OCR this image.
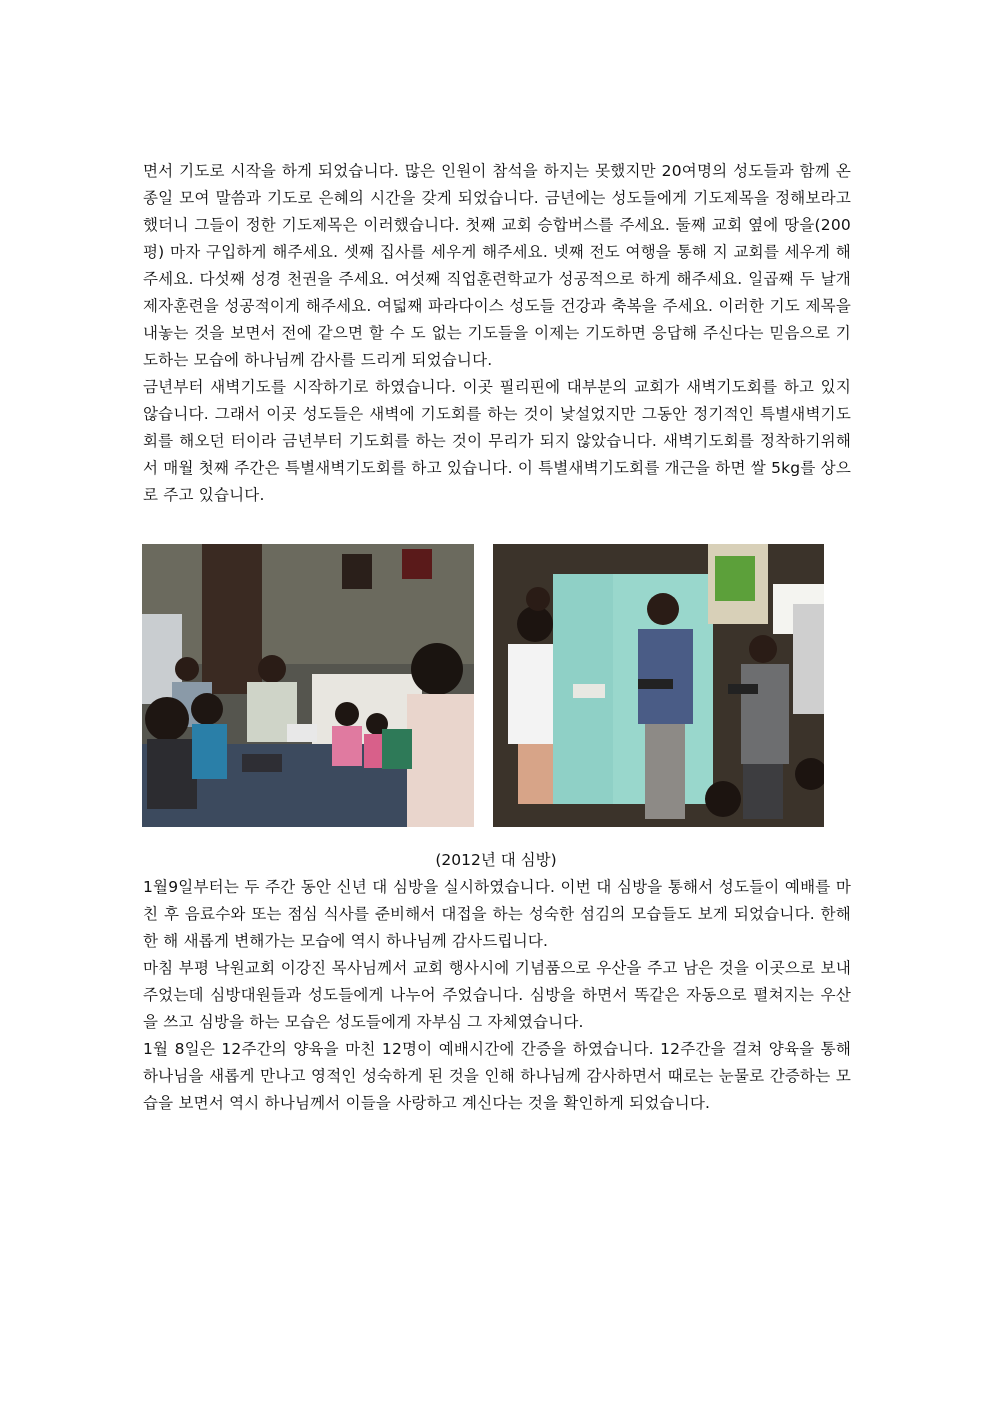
면서 기도로 시작을 하게 되었습니다. 많은 인원이 참석을 하지는 못했지만 20여명의 성도들과 함께 온 종일 모여 말씀과 기도로 은혜의 시간을 갖게 되었습니다. 금년에는 성도들에게 기도제목을 정해보라고 했더니 그들이 정한 기도제목은 이러했습니다. 첫째 교회 승합버스를 주세요. 둘째 교회 옆에 땅을(200평) 마자 구입하게 해주세요. 셋째 집사를 세우게 해주세요. 넷째 전도 여행을 통해 지 교회를 세우게 해주세요. 다섯째 성경 천권을 주세요. 여섯째 직업훈련학교가 성공적으로 하게 해주세요. 일곱째 두 날개 제자훈련을 성공적이게 해주세요. 여덟째 파라다이스 성도들 건강과 축복을 주세요. 이러한 기도 제목을 내놓는 것을 보면서 전에 같으면 할 수 도 없는 기도들을 이제는 기도하면 응답해 주신다는 믿음으로 기도하는 모습에 하나님께 감사를 드리게 되었습니다.

금년부터 새벽기도를 시작하기로 하였습니다. 이곳 필리핀에 대부분의 교회가 새벽기도회를 하고 있지 않습니다. 그래서 이곳 성도들은 새벽에 기도회를 하는 것이 낯설었지만 그동안 정기적인 특별새벽기도회를 해오던 터이라 금년부터 기도회를 하는 것이 무리가 되지 않았습니다. 새벽기도회를 정착하기위해서 매월 첫째 주간은 특별새벽기도회를 하고 있습니다. 이 특별새벽기도회를 개근을 하면 쌀 5kg를 상으로 주고 있습니다.

(2012년 대 심방)

1월9일부터는 두 주간 동안 신년 대 심방을 실시하였습니다. 이번 대 심방을 통해서 성도들이 예배를 마친 후 음료수와 또는 점심 식사를 준비해서 대접을 하는 성숙한 섬김의 모습들도 보게 되었습니다. 한해 한 해 새롭게 변해가는 모습에 역시 하나님께 감사드립니다.

마침 부평 낙원교회 이강진 목사님께서 교회 행사시에 기념품으로 우산을 주고 남은 것을 이곳으로 보내 주었는데 심방대원들과 성도들에게 나누어 주었습니다. 심방을 하면서 똑같은 자동으로 펼쳐지는 우산을 쓰고 심방을 하는 모습은 성도들에게 자부심 그 자체였습니다.

1월 8일은 12주간의 양육을 마친 12명이 예배시간에 간증을 하였습니다. 12주간을 걸쳐 양육을 통해 하나님을 새롭게 만나고 영적인 성숙하게 된 것을 인해 하나님께 감사하면서 때로는 눈물로 간증하는 모습을 보면서 역시 하나님께서 이들을 사랑하고 계신다는 것을 확인하게 되었습니다.
